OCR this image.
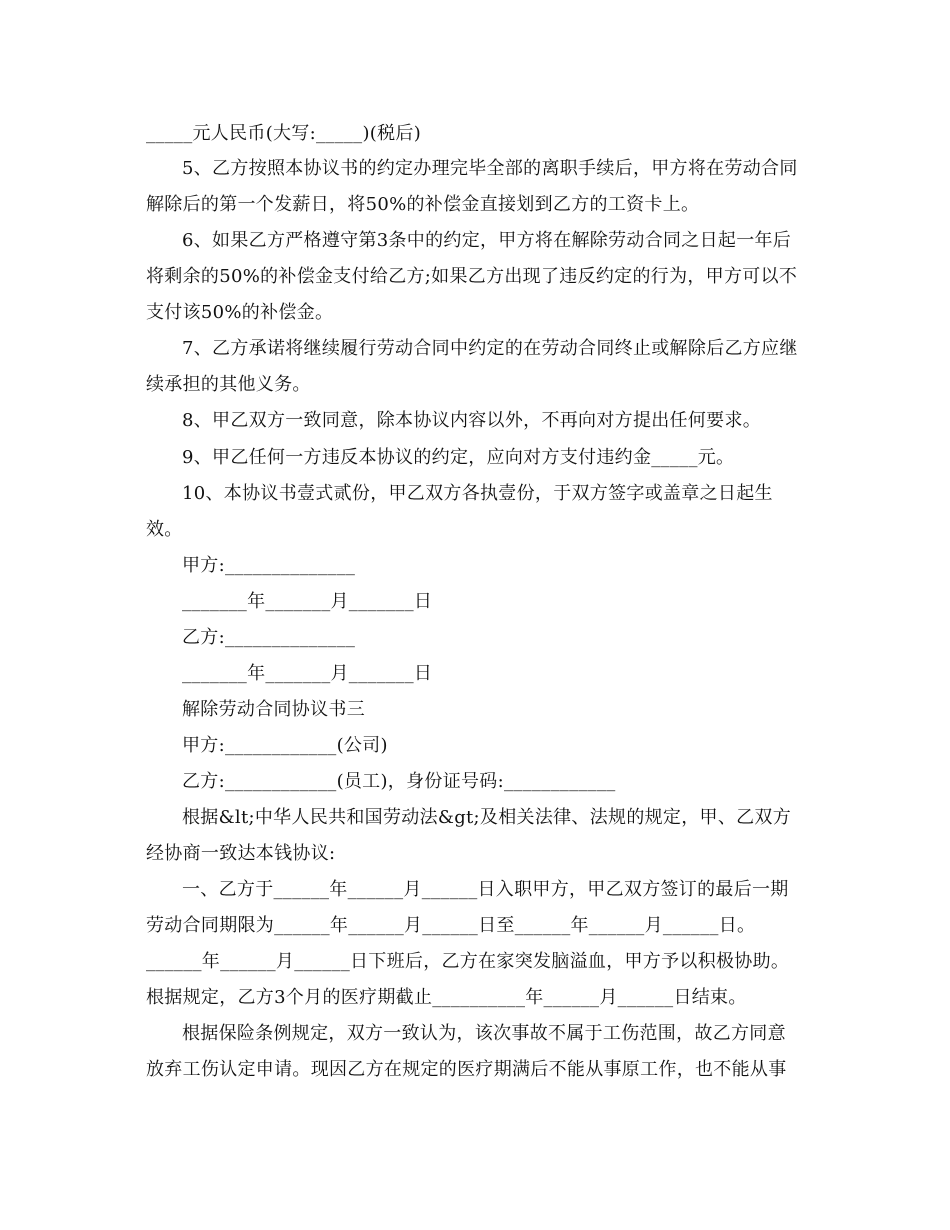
_____元人民币(大写:_____)(税后)
5、乙方按照本协议书的约定办理完毕全部的离职手续后，甲方将在劳动合同
解除后的第一个发薪日，将50%的补偿金直接划到乙方的工资卡上。
6、如果乙方严格遵守第3条中的约定，甲方将在解除劳动合同之日起一年后
将剩余的50%的补偿金支付给乙方;如果乙方出现了违反约定的行为，甲方可以不
支付该50%的补偿金。
7、乙方承诺将继续履行劳动合同中约定的在劳动合同终止或解除后乙方应继
续承担的其他义务。
8、甲乙双方一致同意，除本协议内容以外，不再向对方提出任何要求。
9、甲乙任何一方违反本协议的约定，应向对方支付违约金_____元。
10、本协议书壹式贰份，甲乙双方各执壹份，于双方签字或盖章之日起生
效。
甲方:______________
_______年_______月_______日
乙方:______________
_______年_______月_______日
解除劳动合同协议书三
甲方:____________(公司)
乙方:____________(员工)，身份证号码:____________
根据&lt;中华人民共和国劳动法&gt;及相关法律、法规的规定，甲、乙双方
经协商一致达本钱协议:
一、乙方于______年______月______日入职甲方，甲乙双方签订的最后一期
劳动合同期限为______年______月______日至______年______月______日。
______年______月______日下班后，乙方在家突发脑溢血，甲方予以积极协助。
根据规定，乙方3个月的医疗期截止__________年______月______日结束。
根据保险条例规定，双方一致认为，该次事故不属于工伤范围，故乙方同意
放弃工伤认定申请。现因乙方在规定的医疗期满后不能从事原工作，也不能从事
